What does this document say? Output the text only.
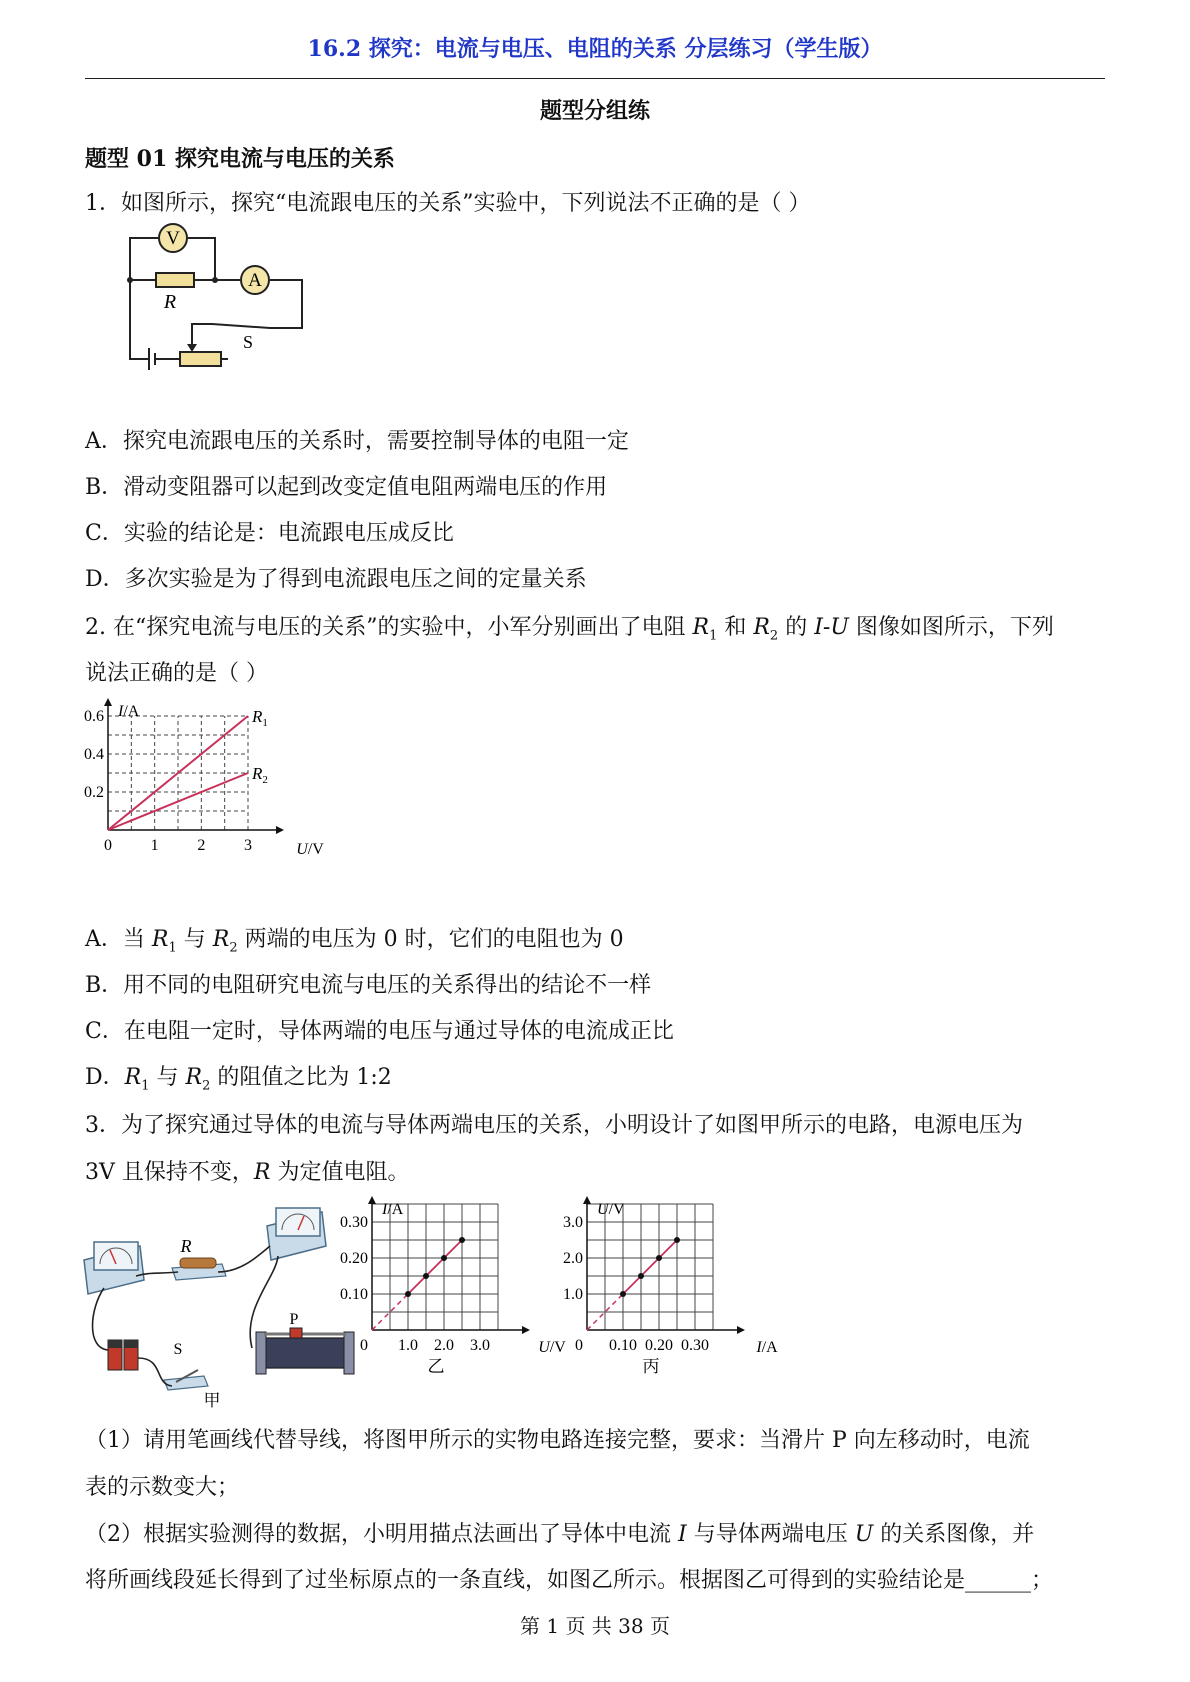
16.2 探究：电流与电压、电阻的关系 分层练习（学生版）
题型分组练
题型 01 探究电流与电压的关系
1．如图所示，探究“电流跟电压的关系”实验中，下列说法不正确的是（ ）
V
A
R
S
A．探究电流跟电压的关系时，需要控制导体的电阻一定
B．滑动变阻器可以起到改变定值电阻两端电压的作用
C．实验的结论是：电流跟电压成反比
D．多次实验是为了得到电流跟电压之间的定量关系
2. 在“探究电流与电压的关系”的实验中，小军分别画出了电阻 $R_1$ 和 $R_2$ 的 I-U 图像如图所示，下列
说法正确的是（ ）
0 1 2 3
0.2
0.4
0.6 I/A
U/V
$R_1$
$R_2$
A．当 $R_1$ 与 $R_2$ 两端的电压为 0 时，它们的电阻也为 0
B．用不同的电阻研究电流与电压的关系得出的结论不一样
C．在电阻一定时，导体两端的电压与通过导体的电流成正比
D．$R_1$ 与 $R_2$ 的阻值之比为 1:2
3．为了探究通过导体的电流与导体两端电压的关系，小明设计了如图甲所示的电路，电源电压为
3V 且保持不变，R 为定值电阻。
R
S
P
甲
0 1.0 2.0 3.0
0.10
0.20
0.30
I/A
U/V
乙
0 0.10 0.20 0.30
1.0
2.0
3.0
U/V
I/A
丙
（1）请用笔画线代替导线，将图甲所示的实物电路连接完整，要求：当滑片 P 向左移动时，电流
表的示数变大；
（2）根据实验测得的数据，小明用描点法画出了导体中电流 I 与导体两端电压 U 的关系图像，并
将所画线段延长得到了过坐标原点的一条直线，如图乙所示。根据图乙可得到的实验结论是______；
第 1 页 共 38 页
